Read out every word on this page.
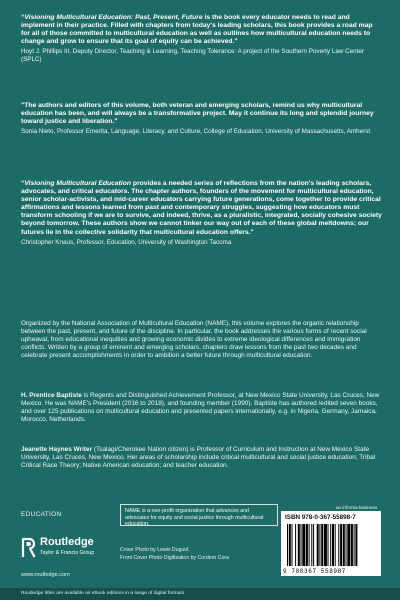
“Visioning Multicultural Education: Past, Present, Future is the book every educator needs to read and implement in their practice. Filled with chapters from today's leading scholars, this book provides a road map for all of those committed to multicultural education as well as outlines how multicultural education needs to change and grow to ensure that its goal of equity can be achieved."

Hoyt J. Phillips III, Deputy Director, Teaching & Learning, Teaching Tolerance: A project of the Southern Poverty Law Center (SPLC)

"The authors and editors of this volume, both veteran and emerging scholars, remind us why multicultural education has been, and will always be a transformative project. May it continue its long and splendid journey toward justice and liberation."

Sonia Nieto, Professor Emerita, Language, Literacy, and Culture, College of Education, University of Massachusetts, Amherst

“Visioning Multicultural Education provides a needed series of reflections from the nation's leading scholars, advocates, and critical educators. The chapter authors, founders of the movement for multicultural education, senior scholar-activists, and mid-career educators carrying future generations, come together to provide critical affirmations and lessons learned from past and contemporary struggles, suggesting how educators must transform schooling if we are to survive, and indeed, thrive, as a pluralistic, integrated, socially cohesive society beyond tomorrow. These authors show we cannot tinker our way out of each of these global meltdowns; our futures lie in the collective solidarity that multicultural education offers."

Christopher Knaus, Professor, Education, University of Washington Tacoma

Organized by the National Association of Multicultural Education (NAME), this volume explores the organic relationship between the past, present, and future of the discipline. In particular, the book addresses the various forms of recent social upheaval, from educational inequities and growing economic divides to extreme ideological differences and immigration conflicts. Written by a group of eminent and emerging scholars, chapters draw lessons from the past two decades and celebrate present accomplishments in order to ambition a better future through multicultural education.

H. Prentice Baptiste is Regents and Distinguished Achievement Professor, at New Mexico State University, Las Cruces, New Mexico. He was NAME's President (2016 to 2018), and founding member (1990). Baptiste has authored /edited seven books, and over 125 publications on multicultural education and presented papers internationally, e.g. in Nigeria, Germany, Jamaica, Morocco, Netherlands.

Jeanette Haynes Writer (Tsalagi/Cherokee Nation citizen) is Professor of Curriculum and Instruction at New Mexico State University, Las Cruces, New Mexico. Her areas of scholarship include critical multicultural and social justice education; Tribal Critical Race Theory; Native American education; and teacher education.

EDUCATION	NAME is a non-profit organization that advances and advocates for equity and social justice through multicultural education.
an informa business
Routledge
Taylor & Francis Group
www.routledge.com
Cover Photo by Lewis Duguid
Front Cover Photo Digitization by Cordero Cora
ISBN 978-0-367-55898-7
9 780367 558987
Routledge titles are available as eBook editions in a range of digital formats
